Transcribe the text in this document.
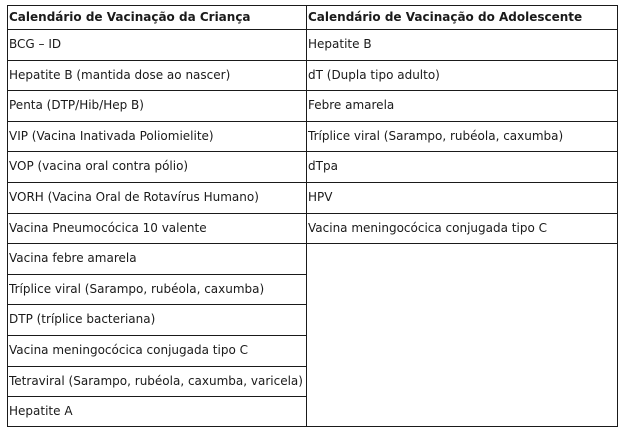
Calendário de Vacinação da Criança	Calendário de Vacinação do Adolescente
BCG – ID	Hepatite B
Hepatite B (mantida dose ao nascer)	dT (Dupla tipo adulto)
Penta (DTP/Hib/Hep B)	Febre amarela
VIP (Vacina Inativada Poliomielite)	Tríplice viral (Sarampo, rubéola, caxumba)
VOP (vacina oral contra pólio)	dTpa
VORH (Vacina Oral de Rotavírus Humano)	HPV
Vacina Pneumocócica 10 valente	Vacina meningocócica conjugada tipo C
Vacina febre amarela	
Tríplice viral (Sarampo, rubéola, caxumba)	
DTP (tríplice bacteriana)	
Vacina meningocócica conjugada tipo C	
Tetraviral (Sarampo, rubéola, caxumba, varicela)	
Hepatite A	
